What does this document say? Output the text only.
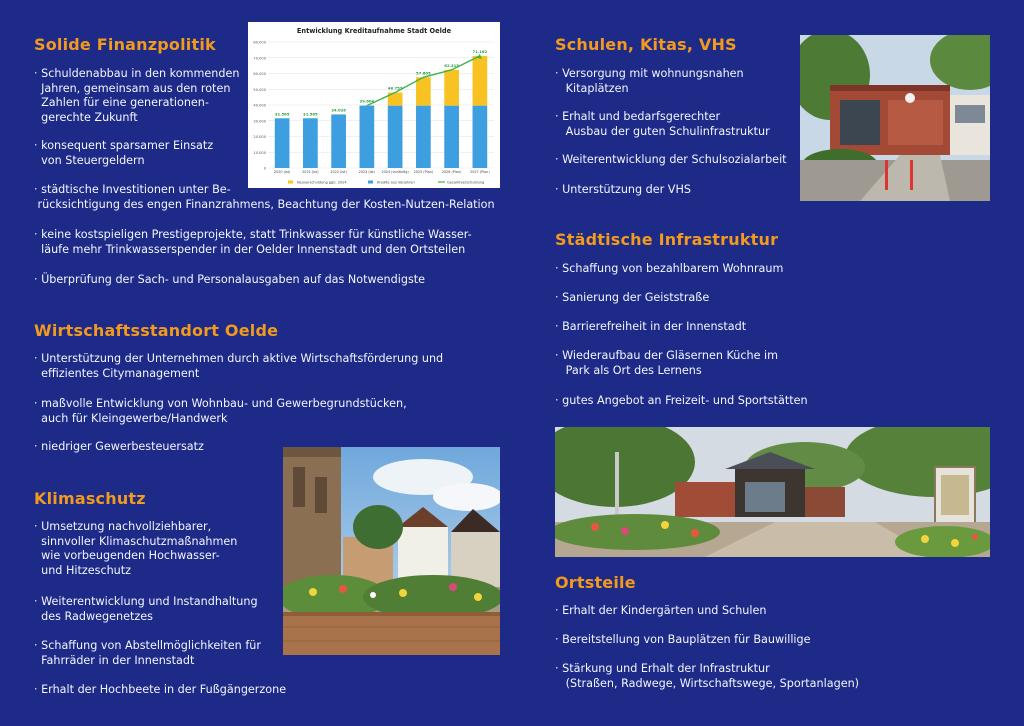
Solide Finanzpolitik
· Schuldenabbau in den kommenden
Jahren, gemeinsam aus den roten
Zahlen für eine generationen-
gerechte Zukunft
· konsequent sparsamer Einsatz
von Steuergeldern
· städtische Investitionen unter Be-
rücksichtigung des engen Finanzrahmens, Beachtung der Kosten-Nutzen-Relation
· keine kostspieligen Prestigeprojekte, statt Trinkwasser für künstliche Wasser-
läufe mehr Trinkwasserspender in der Oelder Innenstadt und den Ortsteilen
· Überprüfung der Sach- und Personalausgaben auf das Notwendigste
Wirtschaftsstandort Oelde
· Unterstützung der Unternehmen durch aktive Wirtschaftsförderung und
effizientes Citymanagement
· maßvolle Entwicklung von Wohnbau- und Gewerbegrundstücken,
auch für Kleingewerbe/Handwerk
· niedriger Gewerbesteuersatz
Klimaschutz
· Umsetzung nachvollziehbarer,
sinnvoller Klimaschutzmaßnahmen
wie vorbeugenden Hochwasser-
und Hitzeschutz
· Weiterentwicklung und Instandhaltung
des Radwegenetzes
· Schaffung von Abstellmöglichkeiten für
Fahrräder in der Innenstadt
· Erhalt der Hochbeete in der Fußgängerzone
Entwicklung Kreditaufnahme Stadt Oelde
0
10.000
20.000
30.000
40.000
50.000
60.000
70.000
80.000
31.565	31.565
34.026
39.604
48.757
57.605
62.315
71.162
2020 (Ist)	2021 (Ist)	2022 (Ist)	2023 (Ist) 2024 (vorläufig) 2025 (Plan)	2026 (Plan)	2027 (Plan)
Neuverschuldung ggü. 2024	Kredite aus Vorjahren	Gesamtverschuldung
Schulen, Kitas, VHS
· Versorgung mit wohnungsnahen
Kitaplätzen
· Erhalt und bedarfsgerechter
Ausbau der guten Schulinfrastruktur
· Weiterentwicklung der Schulsozialarbeit
· Unterstützung der VHS
Städtische Infrastruktur
· Schaffung von bezahlbarem Wohnraum
· Sanierung der Geiststraße
· Barrierefreiheit in der Innenstadt
· Wiederaufbau der Gläsernen Küche im
Park als Ort des Lernens
· gutes Angebot an Freizeit- und Sportstätten
Ortsteile
· Erhalt der Kindergärten und Schulen
· Bereitstellung von Bauplätzen für Bauwillige
· Stärkung und Erhalt der Infrastruktur
(Straßen, Radwege, Wirtschaftswege, Sportanlagen)
